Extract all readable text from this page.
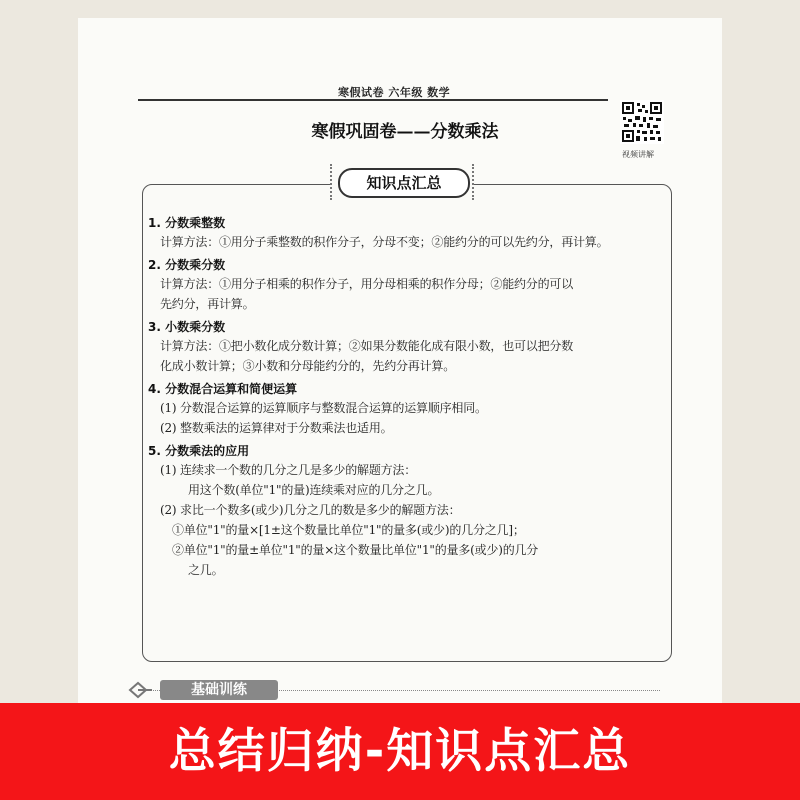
寒假试卷 六年级 数学
寒假巩固卷——分数乘法
视频讲解
知识点汇总
1. 分数乘整数
计算方法：①用分子乘整数的积作分子，分母不变；②能约分的可以先约分，再计算。
2. 分数乘分数
计算方法：①用分子相乘的积作分子，用分母相乘的积作分母；②能约分的可以
先约分，再计算。
3. 小数乘分数
计算方法：①把小数化成分数计算；②如果分数能化成有限小数，也可以把分数
化成小数计算；③小数和分母能约分的，先约分再计算。
4. 分数混合运算和简便运算
(1) 分数混合运算的运算顺序与整数混合运算的运算顺序相同。
(2) 整数乘法的运算律对于分数乘法也适用。
5. 分数乘法的应用
(1) 连续求一个数的几分之几是多少的解题方法：
用这个数(单位"1"的量)连续乘对应的几分之几。
(2) 求比一个数多(或少)几分之几的数是多少的解题方法：
①单位"1"的量×[1±这个数量比单位"1"的量多(或少)的几分之几]；
②单位"1"的量±单位"1"的量×这个数量比单位"1"的量多(或少)的几分
之几。
基础训练
总结归纳-知识点汇总
